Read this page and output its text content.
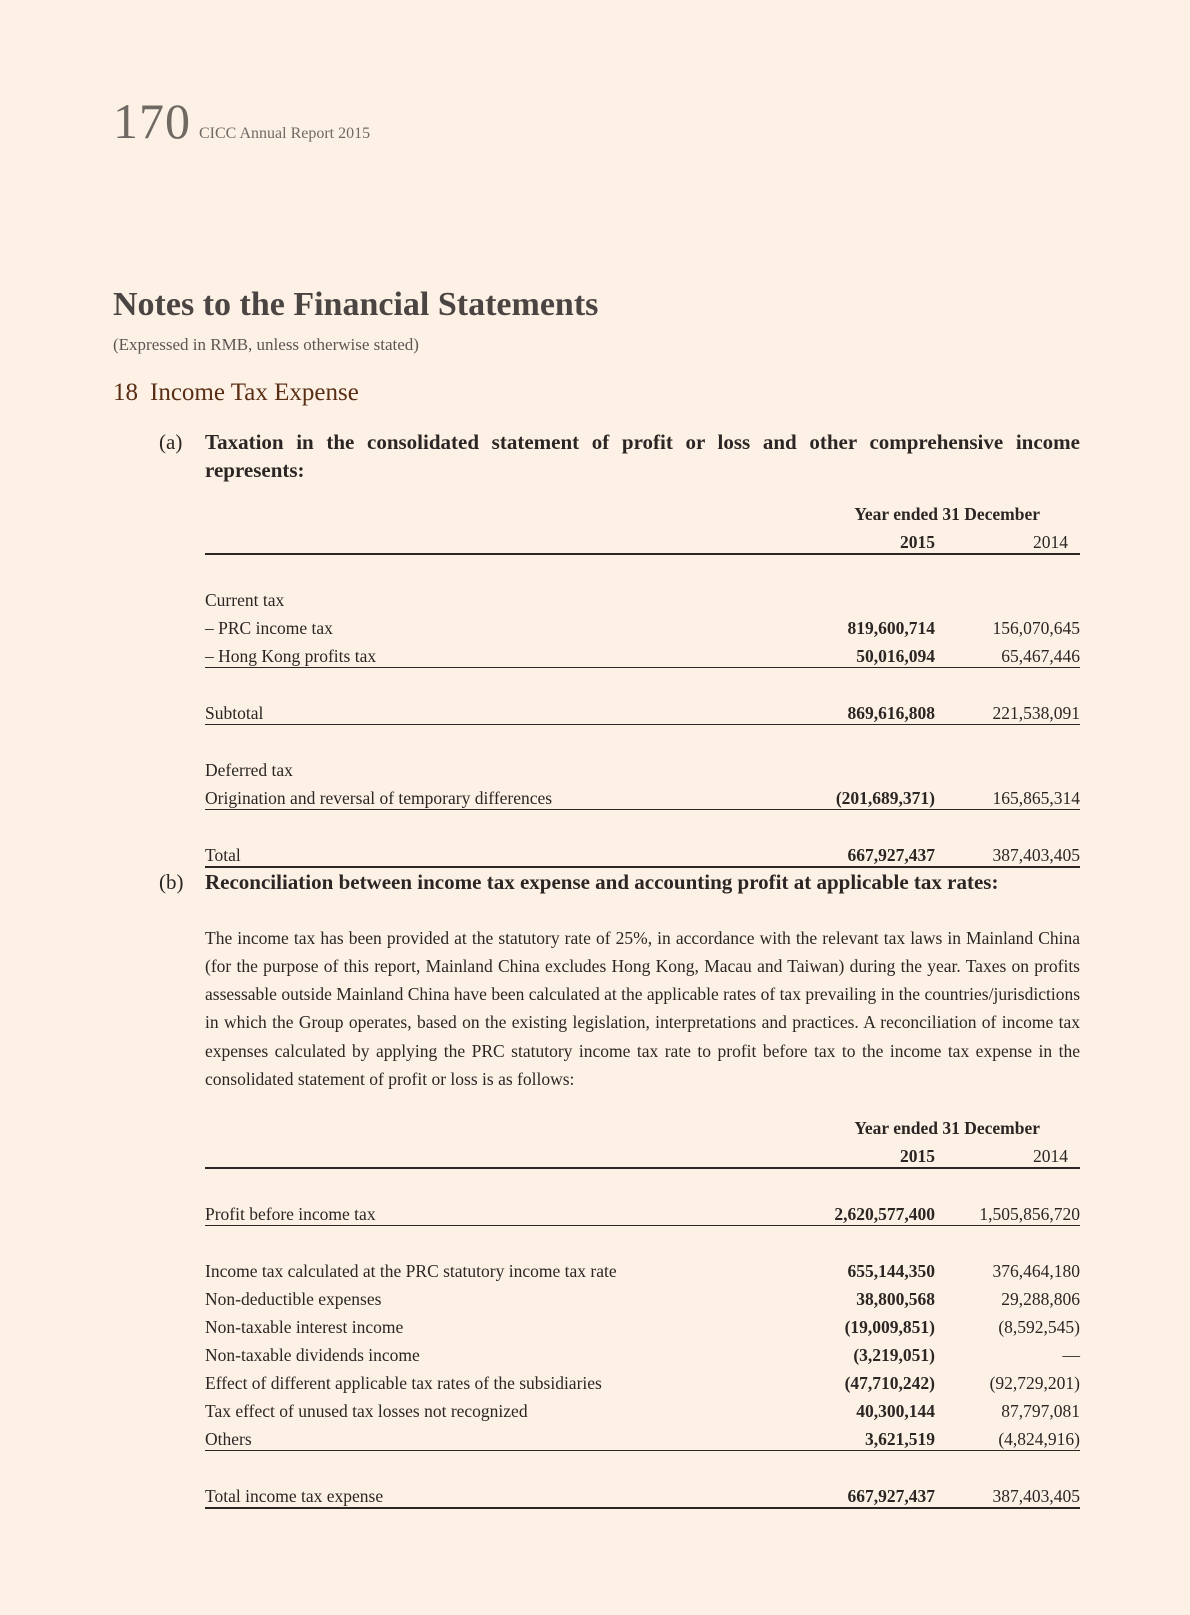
170 CICC Annual Report 2015
Notes to the Financial Statements
(Expressed in RMB, unless otherwise stated)
18 Income Tax Expense
(a)	Taxation in the consolidated statement of profit or loss and other comprehensive income represents:
	Year ended 31 December	
	2015	2014

Current tax		
– PRC income tax	819,600,714	156,070,645
– Hong Kong profits tax	50,016,094	65,467,446

Subtotal	869,616,808	221,538,091

Deferred tax		
Origination and reversal of temporary differences	(201,689,371)	165,865,314

Total	667,927,437	387,403,405
(b)	Reconciliation between income tax expense and accounting profit at applicable tax rates:

The income tax has been provided at the statutory rate of 25%, in accordance with the relevant tax laws in Mainland China (for the purpose of this report, Mainland China excludes Hong Kong, Macau and Taiwan) during the year. Taxes on profits assessable outside Mainland China have been calculated at the applicable rates of tax prevailing in the countries/jurisdictions in which the Group operates, based on the existing legislation, interpretations and practices. A reconciliation of income tax expenses calculated by applying the PRC statutory income tax rate to profit before tax to the income tax expense in the consolidated statement of profit or loss is as follows:

	Year ended 31 December	
	2015	2014

Profit before income tax	2,620,577,400	1,505,856,720

Income tax calculated at the PRC statutory income tax rate	655,144,350	376,464,180
Non-deductible expenses	38,800,568	29,288,806
Non-taxable interest income	(19,009,851)	(8,592,545)
Non-taxable dividends income	(3,219,051)	—
Effect of different applicable tax rates of the subsidiaries	(47,710,242)	(92,729,201)
Tax effect of unused tax losses not recognized	40,300,144	87,797,081
Others	3,621,519	(4,824,916)

Total income tax expense	667,927,437	387,403,405
